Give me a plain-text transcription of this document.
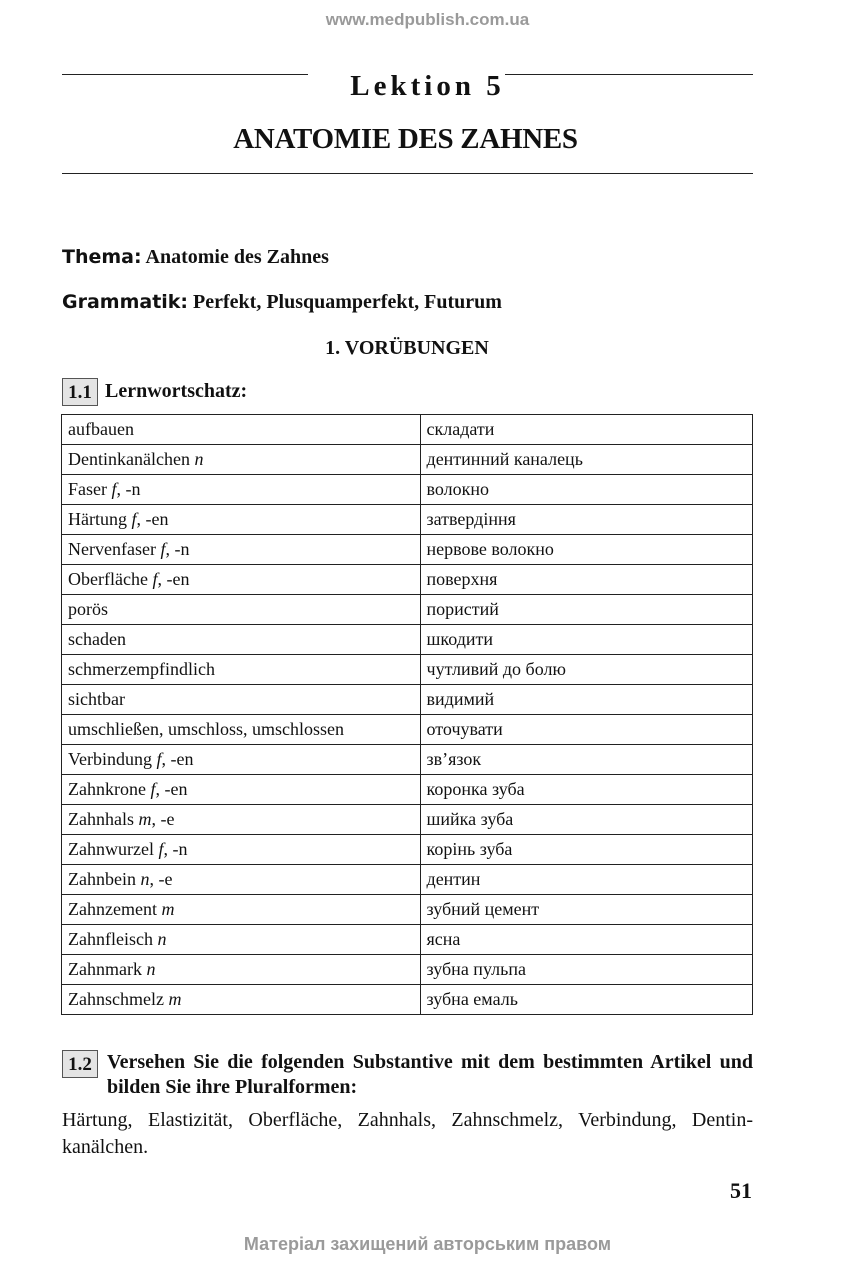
www.medpublish.com.ua
Lektion 5
ANATOMIE DES ZAHNES
Thema: Anatomie des Zahnes
Grammatik: Perfekt, Plusquamperfekt, Futurum
1. VORÜBUNGEN
1.1 Lernwortschatz:
aufbauen	складати
Dentinkanälchen n	дентинний каналець
Faser f, -n	волокно
Härtung f, -en	затвердіння
Nervenfaser f, -n	нервове волокно
Oberfläche f, -en	поверхня
porös	пористий
schaden	шкодити
schmerzempfindlich	чутливий до болю
sichtbar	видимий
umschließen, umschloss, umschlossen	оточувати
Verbindung f, -en	зв’язок
Zahnkrone f, -en	коронка зуба
Zahnhals m, -e	шийка зуба
Zahnwurzel f, -n	корінь зуба
Zahnbein n, -e	дентин
Zahnzement m	зубний цемент
Zahnfleisch n	ясна
Zahnmark n	зубна пульпа
Zahnschmelz m	зубна емаль
1.2 Versehen Sie die folgenden Substantive mit dem bestimmten Artikel und bilden Sie ihre Pluralformen:
Härtung, Elastizität, Oberfläche, Zahnhals, Zahnschmelz, Verbindung, Dentin-kanälchen.
51
Матеріал захищений авторським правом
